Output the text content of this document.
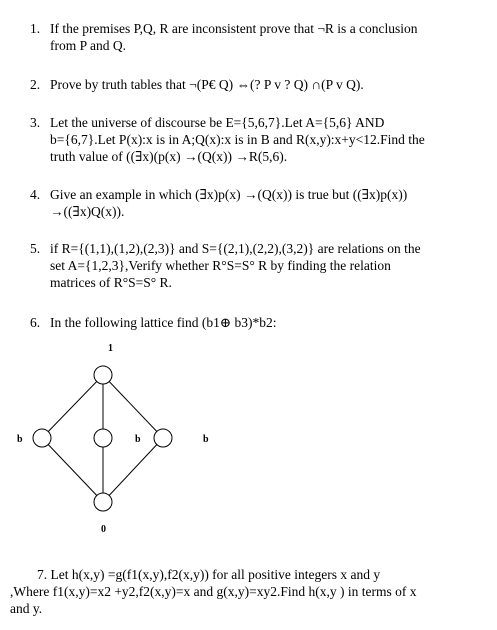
1. If the premises P,Q, R are inconsistent prove that ¬R is a conclusion
from P and Q.
2. Prove by truth tables that ¬(P€ Q) ⇔(? P v ? Q) ∩(P v Q).
3. Let the universe of discourse be E={5,6,7}.Let A={5,6} AND
b={6,7}.Let P(x):x is in A;Q(x):x is in B and R(x,y):x+y<12.Find the
truth value of ((∃x)(p(x) →(Q(x)) →R(5,6).
4. Give an example in which (∃x)p(x) →(Q(x)) is true but ((∃x)p(x))
→((∃x)Q(x)).
5. if R={(1,1),(1,2),(2,3)} and S={(2,1),(2,2),(3,2)} are relations on the
set A={1,2,3},Verify whether R°S=S° R by finding the relation
matrices of R°S=S° R.
6. In the following lattice find (b1⊕ b3)*b2:
1
0
b	b	b
7. Let h(x,y) =g(f1(x,y),f2(x,y)) for all positive integers x and y
,Where f1(x,y)=x2 +y2,f2(x,y)=x and g(x,y)=xy2.Find h(x,y ) in terms of x
and y.
